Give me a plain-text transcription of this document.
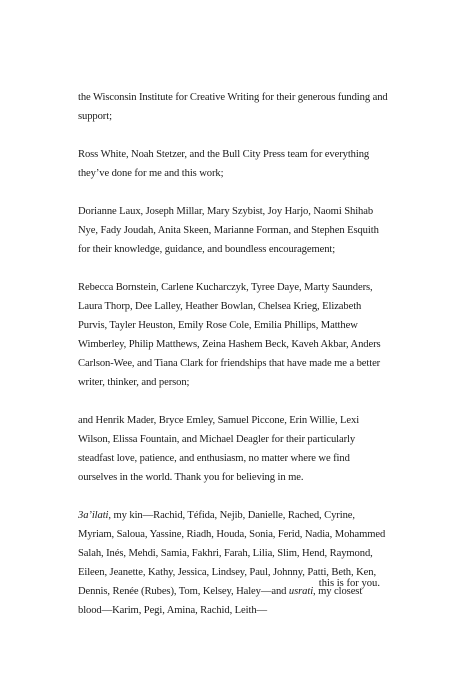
the Wisconsin Institute for Creative Writing for their generous funding and support;

Ross White, Noah Stetzer, and the Bull City Press team for everything they’ve done for me and this work;

Dorianne Laux, Joseph Millar, Mary Szybist, Joy Harjo, Naomi Shihab Nye, Fady Joudah, Anita Skeen, Marianne Forman, and Stephen Esquith for their knowledge, guidance, and boundless encouragement;

Rebecca Bornstein, Carlene Kucharczyk, Tyree Daye, Marty Saunders, Laura Thorp, Dee Lalley, Heather Bowlan, Chelsea Krieg, Elizabeth Purvis, Tayler Heuston, Emily Rose Cole, Emilia Phillips, Matthew Wimberley, Philip Matthews, Zeina Hashem Beck, Kaveh Akbar, Anders Carlson-Wee, and Tiana Clark for friendships that have made me a better writer, thinker, and person;

and Henrik Mader, Bryce Emley, Samuel Piccone, Erin Willie, Lexi Wilson, Elissa Fountain, and Michael Deagler for their particularly steadfast love, patience, and enthusiasm, no matter where we find ourselves in the world. Thank you for believing in me.

3a’ilati, my kin—Rachid, Téfida, Nejib, Danielle, Rached, Cyrine, Myriam, Saloua, Yassine, Riadh, Houda, Sonia, Ferid, Nadia, Mohammed Salah, Inés, Mehdi, Samia, Fakhri, Farah, Lilia, Slim, Hend, Raymond, Eileen, Jeanette, Kathy, Jessica, Lindsey, Paul, Johnny, Patti, Beth, Ken, Dennis, Renée (Rubes), Tom, Kelsey, Haley—and usrati, my closest blood—Karim, Pegi, Amina, Rachid, Leith—

this is for you.
